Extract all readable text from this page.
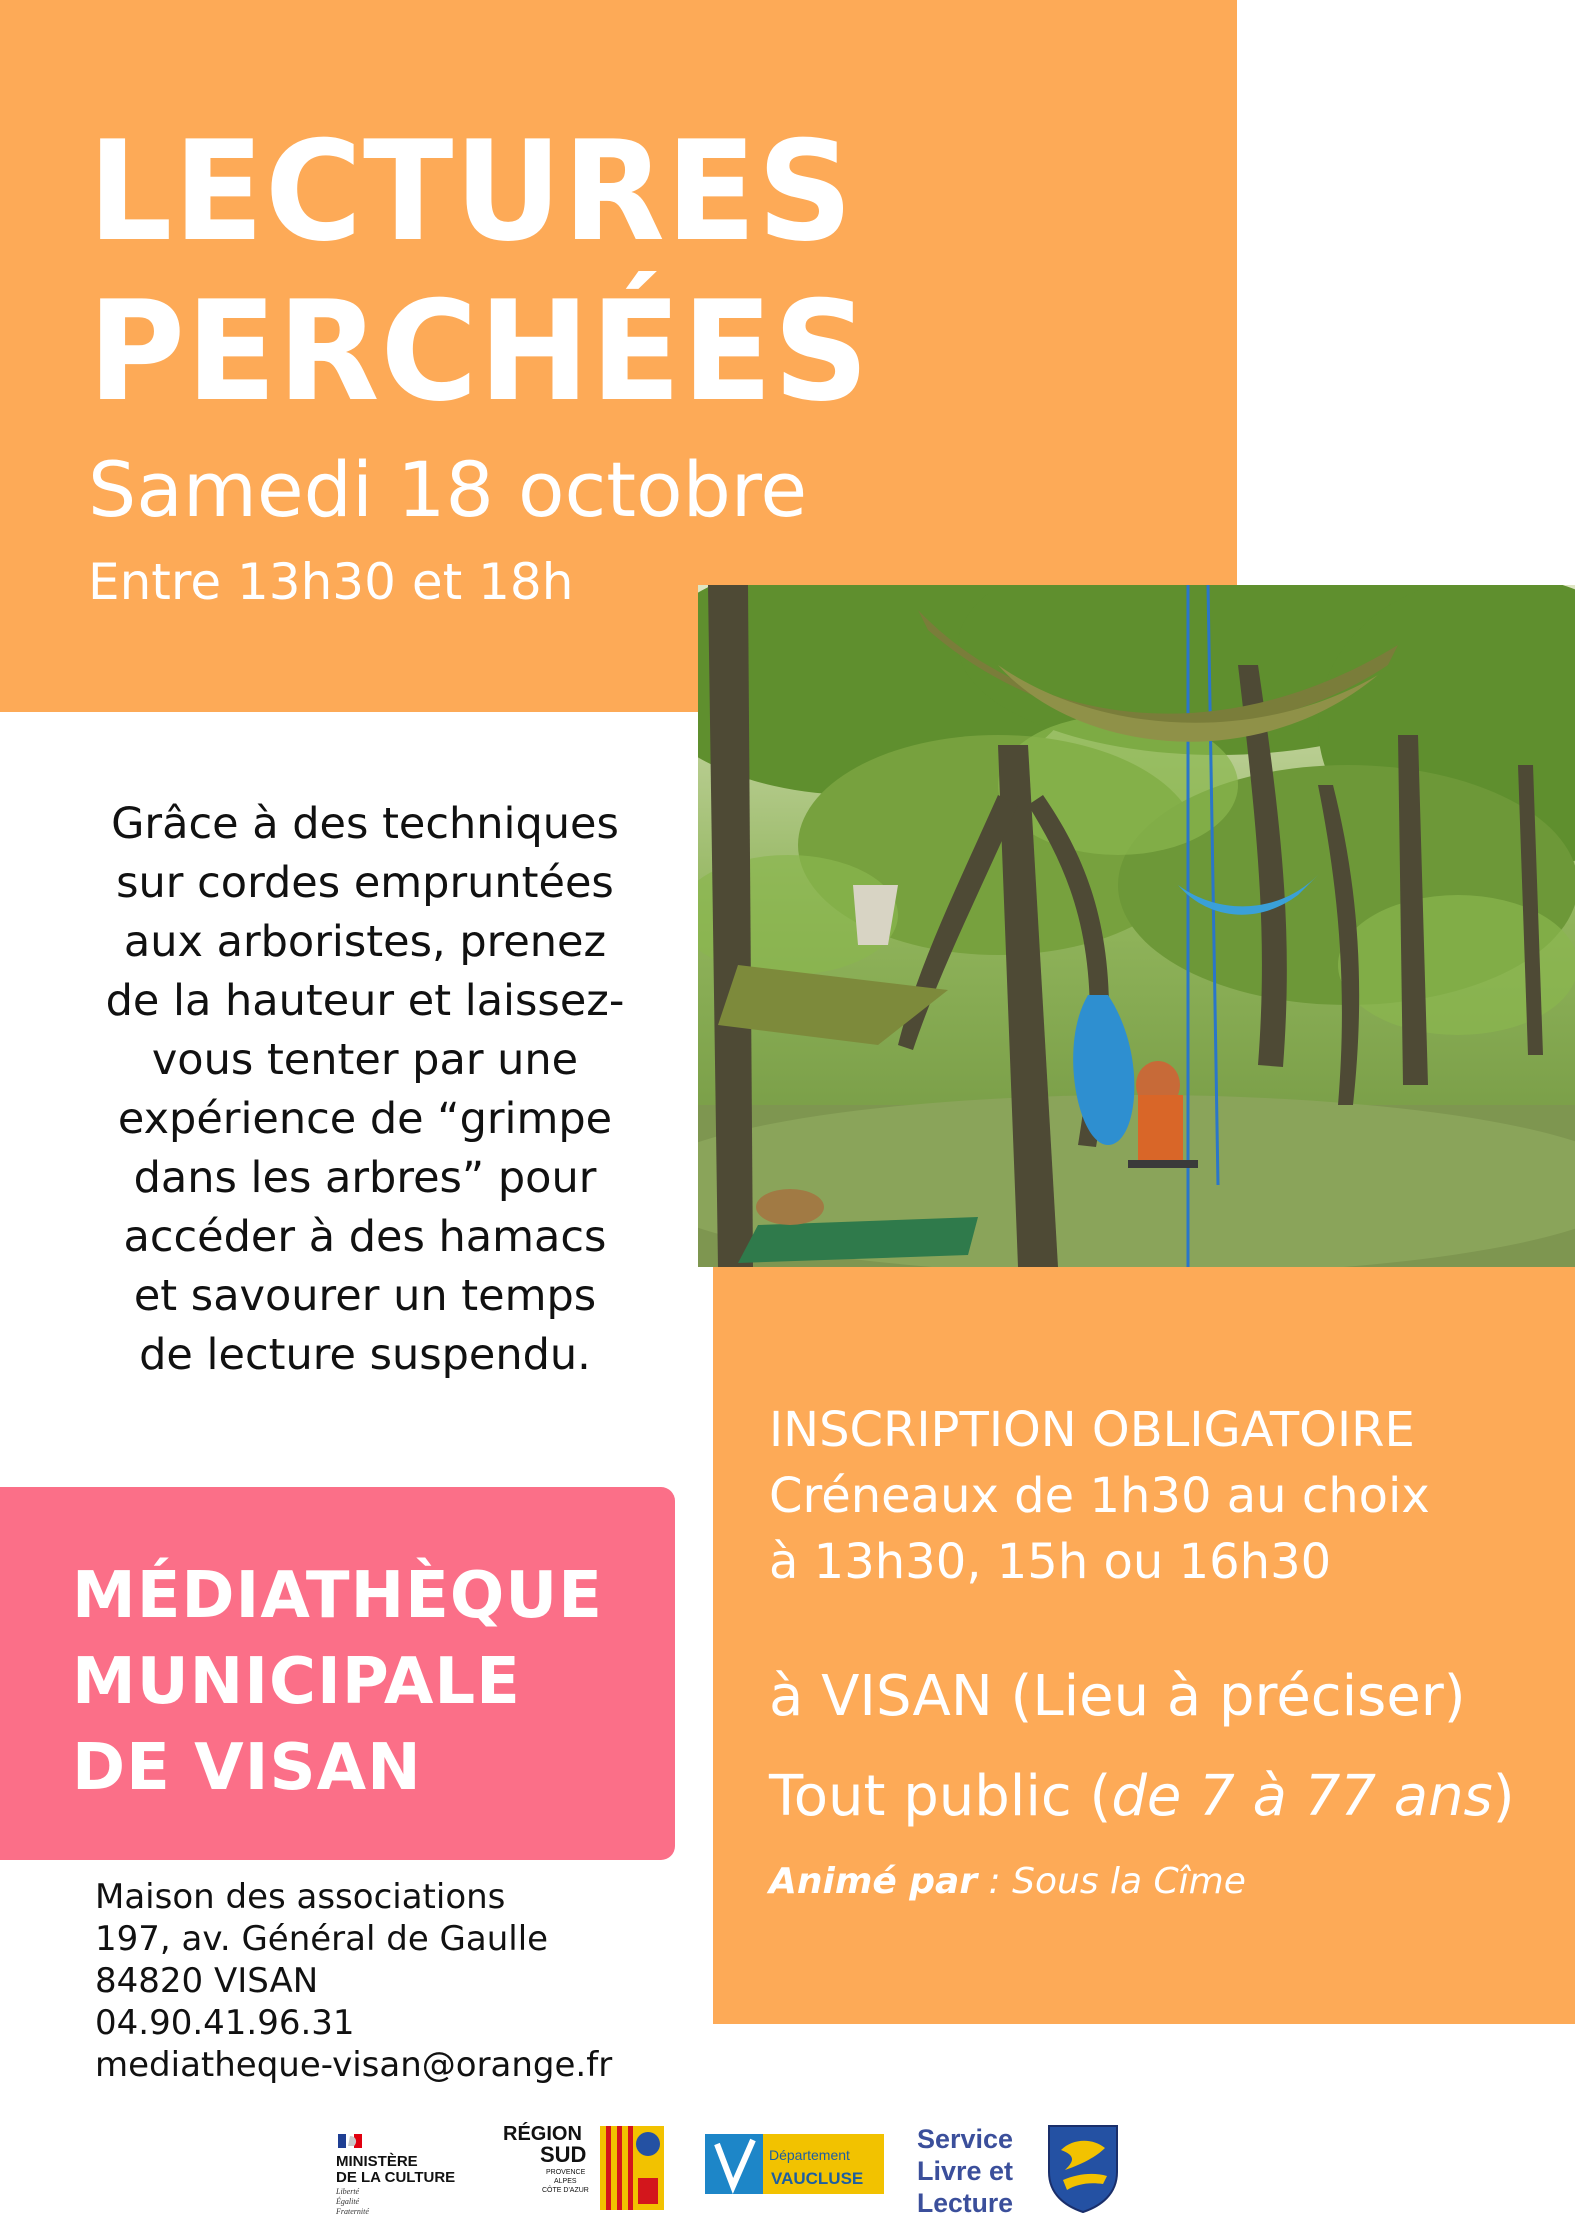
LECTURES
PERCHÉES
Samedi 18 octobre
Entre 13h30 et 18h
Grâce à des techniques
sur cordes empruntées
aux arboristes, prenez
de la hauteur et laissez-
vous tenter par une
expérience de “grimpe
dans les arbres” pour
accéder à des hamacs
et savourer un temps
de lecture suspendu.
INSCRIPTION OBLIGATOIRE
Créneaux de 1h30 au choix
à 13h30, 15h ou 16h30
à VISAN (Lieu à préciser)
Tout public (de 7 à 77 ans)
Animé par : Sous la Cîme
MÉDIATHÈQUE
MUNICIPALE
DE VISAN
Maison des associations
197, av. Général de Gaulle
84820 VISAN
04.90.41.96.31
mediatheque-visan@orange.fr
MINISTÈRE
DE LA CULTURE
Liberté
Égalité
Fraternité
RÉGION
SUD
PROVENCE
ALPES
CÔTE D'AZUR
Département
VAUCLUSE
Service
Livre et
Lecture
